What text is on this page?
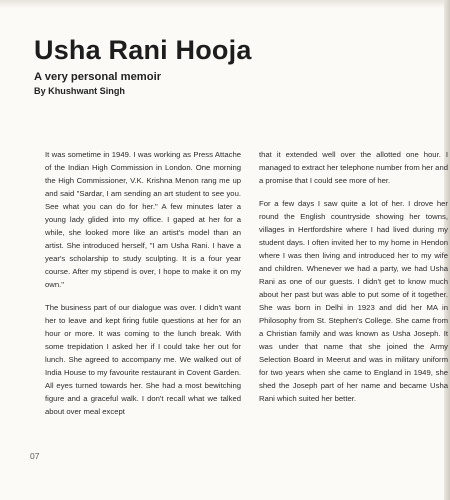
Usha Rani Hooja
A very personal memoir
By Khushwant Singh

It was sometime in 1949. I was working as Press Attache of the Indian High Commission in London. One morning the High Commissioner, V.K. Krishna Menon rang me up and said "Sardar, I am sending an art student to see you. See what you can do for her." A few minutes later a young lady glided into my office. I gaped at her for a while, she looked more like an artist's model than an artist. She introduced herself, "I am Usha Rani. I have a year's scholarship to study sculpting. It is a four year course. After my stipend is over, I hope to make it on my own."

The business part of our dialogue was over. I didn't want her to leave and kept firing futile questions at her for an hour or more. It was coming to the lunch break. With some trepidation I asked her if I could take her out for lunch. She agreed to accompany me. We walked out of India House to my favourite restaurant in Covent Garden. All eyes turned towards her. She had a most bewitching figure and a graceful walk. I don't recall what we talked about over meal except

that it extended well over the allotted one hour. I managed to extract her telephone number from her and a promise that I could see more of her.

For a few days I saw quite a lot of her. I drove her round the English countryside showing her towns, villages in Hertfordshire where I had lived during my student days. I often invited her to my home in Hendon where I was then living and introduced her to my wife and children. Whenever we had a party, we had Usha Rani as one of our guests. I didn't get to know much about her past but was able to put some of it together. She was born in Delhi in 1923 and did her MA in Philosophy from St. Stephen's College. She came from a Christian family and was known as Usha Joseph. It was under that name that she joined the Army Selection Board in Meerut and was in military uniform for two years when she came to England in 1949, she shed the Joseph part of her name and became Usha Rani which suited her better.

07
